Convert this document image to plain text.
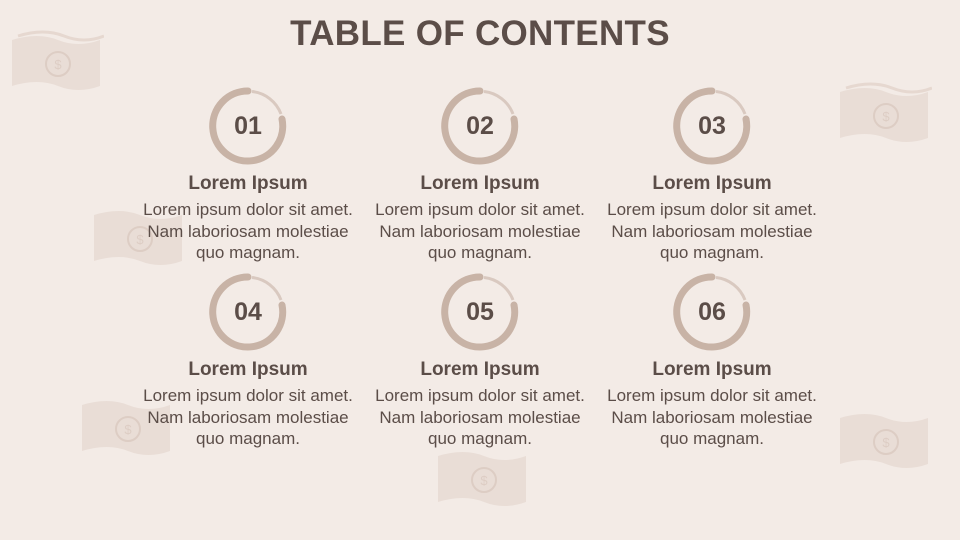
$
$
$
$
$
$
TABLE OF CONTENTS
01
Lorem Ipsum
Lorem ipsum dolor sit amet. Nam laboriosam molestiae quo magnam.
02
Lorem Ipsum
Lorem ipsum dolor sit amet. Nam laboriosam molestiae quo magnam.
03
Lorem Ipsum
Lorem ipsum dolor sit amet. Nam laboriosam molestiae quo magnam.
04
Lorem Ipsum
Lorem ipsum dolor sit amet. Nam laboriosam molestiae quo magnam.
05
Lorem Ipsum
Lorem ipsum dolor sit amet. Nam laboriosam molestiae quo magnam.
06
Lorem Ipsum
Lorem ipsum dolor sit amet. Nam laboriosam molestiae quo magnam.
